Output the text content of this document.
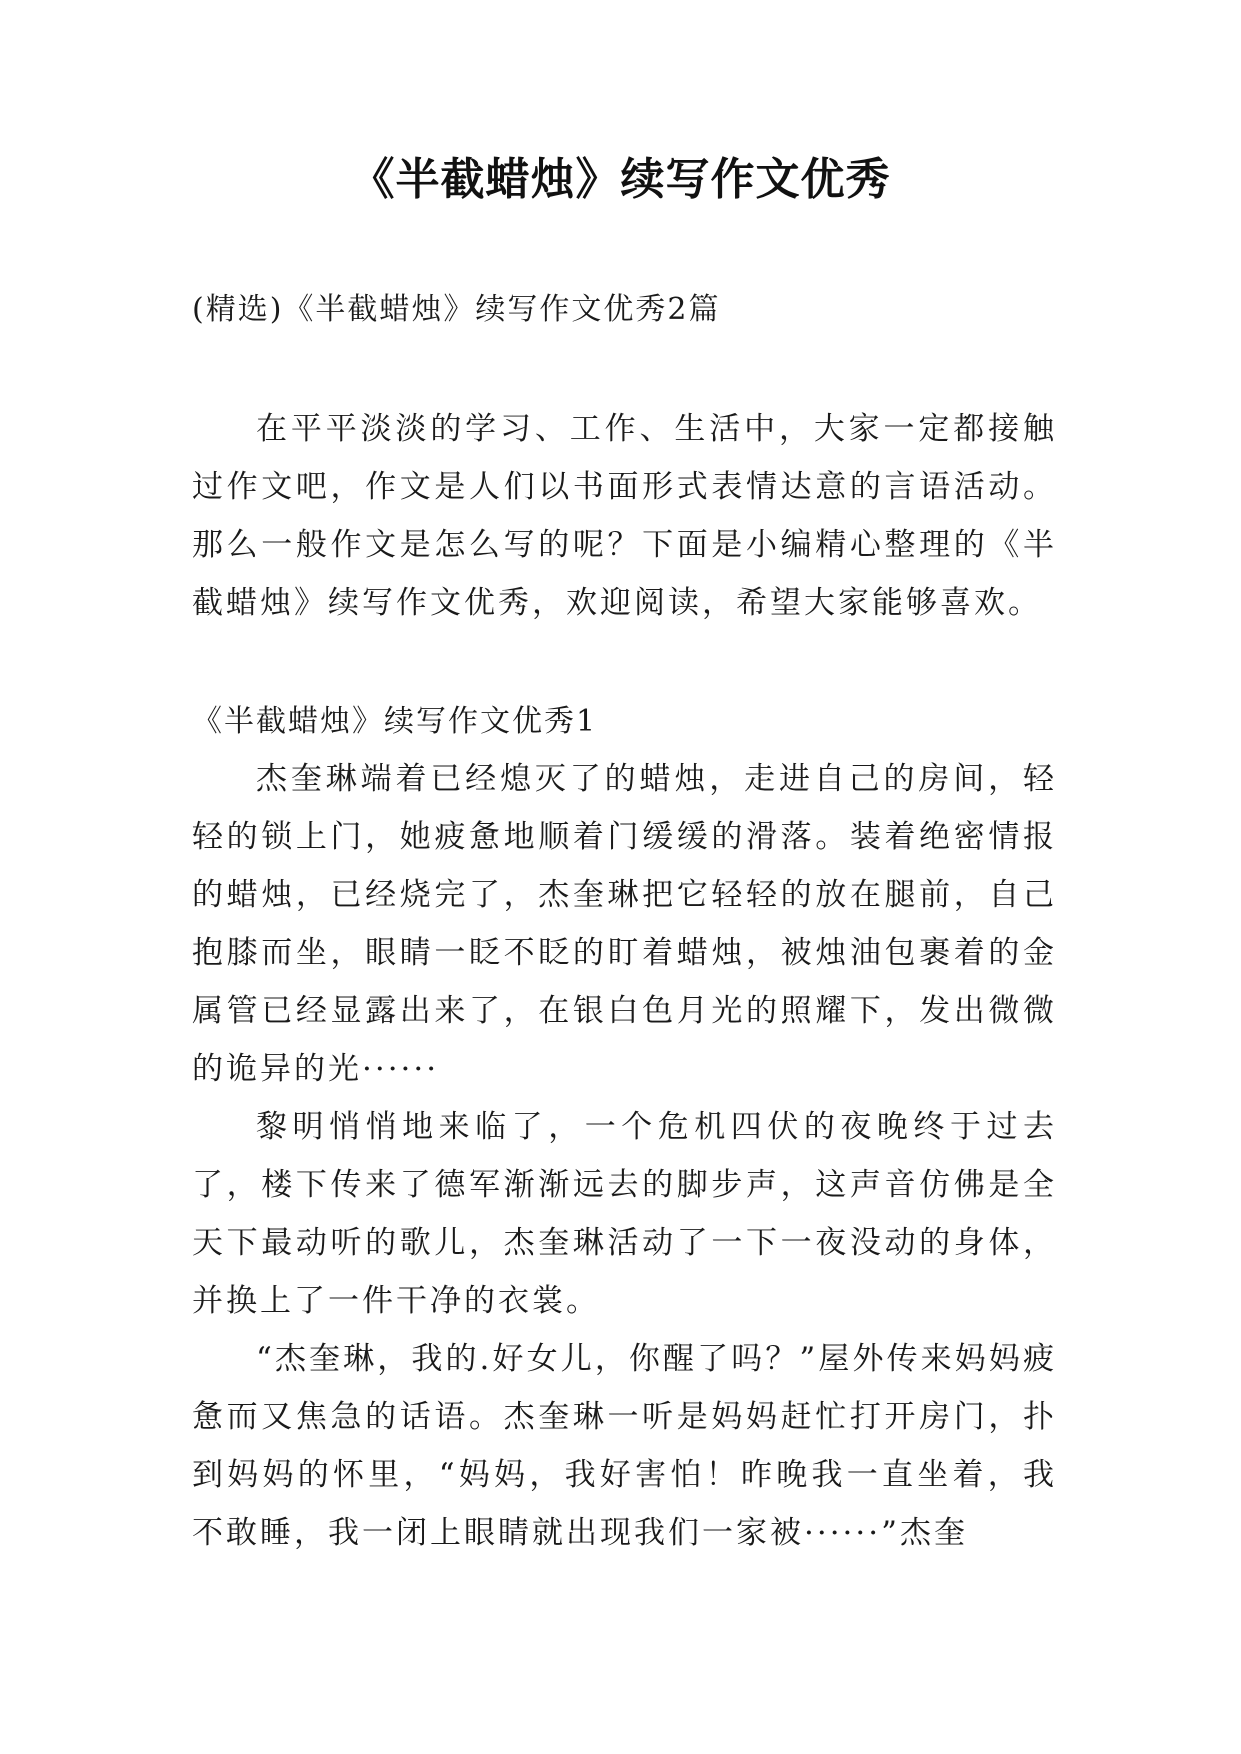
《半截蜡烛》续写作文优秀
(精选)《半截蜡烛》续写作文优秀2篇

在平平淡淡的学习、工作、生活中，大家一定都接触过作文吧，作文是人们以书面形式表情达意的言语活动。那么一般作文是怎么写的呢？下面是小编精心整理的《半截蜡烛》续写作文优秀，欢迎阅读，希望大家能够喜欢。

《半截蜡烛》续写作文优秀1

杰奎琳端着已经熄灭了的蜡烛，走进自己的房间，轻轻的锁上门，她疲惫地顺着门缓缓的滑落。装着绝密情报的蜡烛，已经烧完了，杰奎琳把它轻轻的放在腿前，自己抱膝而坐，眼睛一眨不眨的盯着蜡烛，被烛油包裹着的金属管已经显露出来了，在银白色月光的照耀下，发出微微的诡异的光······

黎明悄悄地来临了，一个危机四伏的夜晚终于过去了，楼下传来了德军渐渐远去的脚步声，这声音仿佛是全天下最动听的歌儿，杰奎琳活动了一下一夜没动的身体，并换上了一件干净的衣裳。

“杰奎琳，我的.好女儿，你醒了吗？”屋外传来妈妈疲惫而又焦急的话语。杰奎琳一听是妈妈赶忙打开房门，扑到妈妈的怀里，“妈妈，我好害怕！昨晚我一直坐着，我不敢睡，我一闭上眼睛就出现我们一家被······”杰奎
